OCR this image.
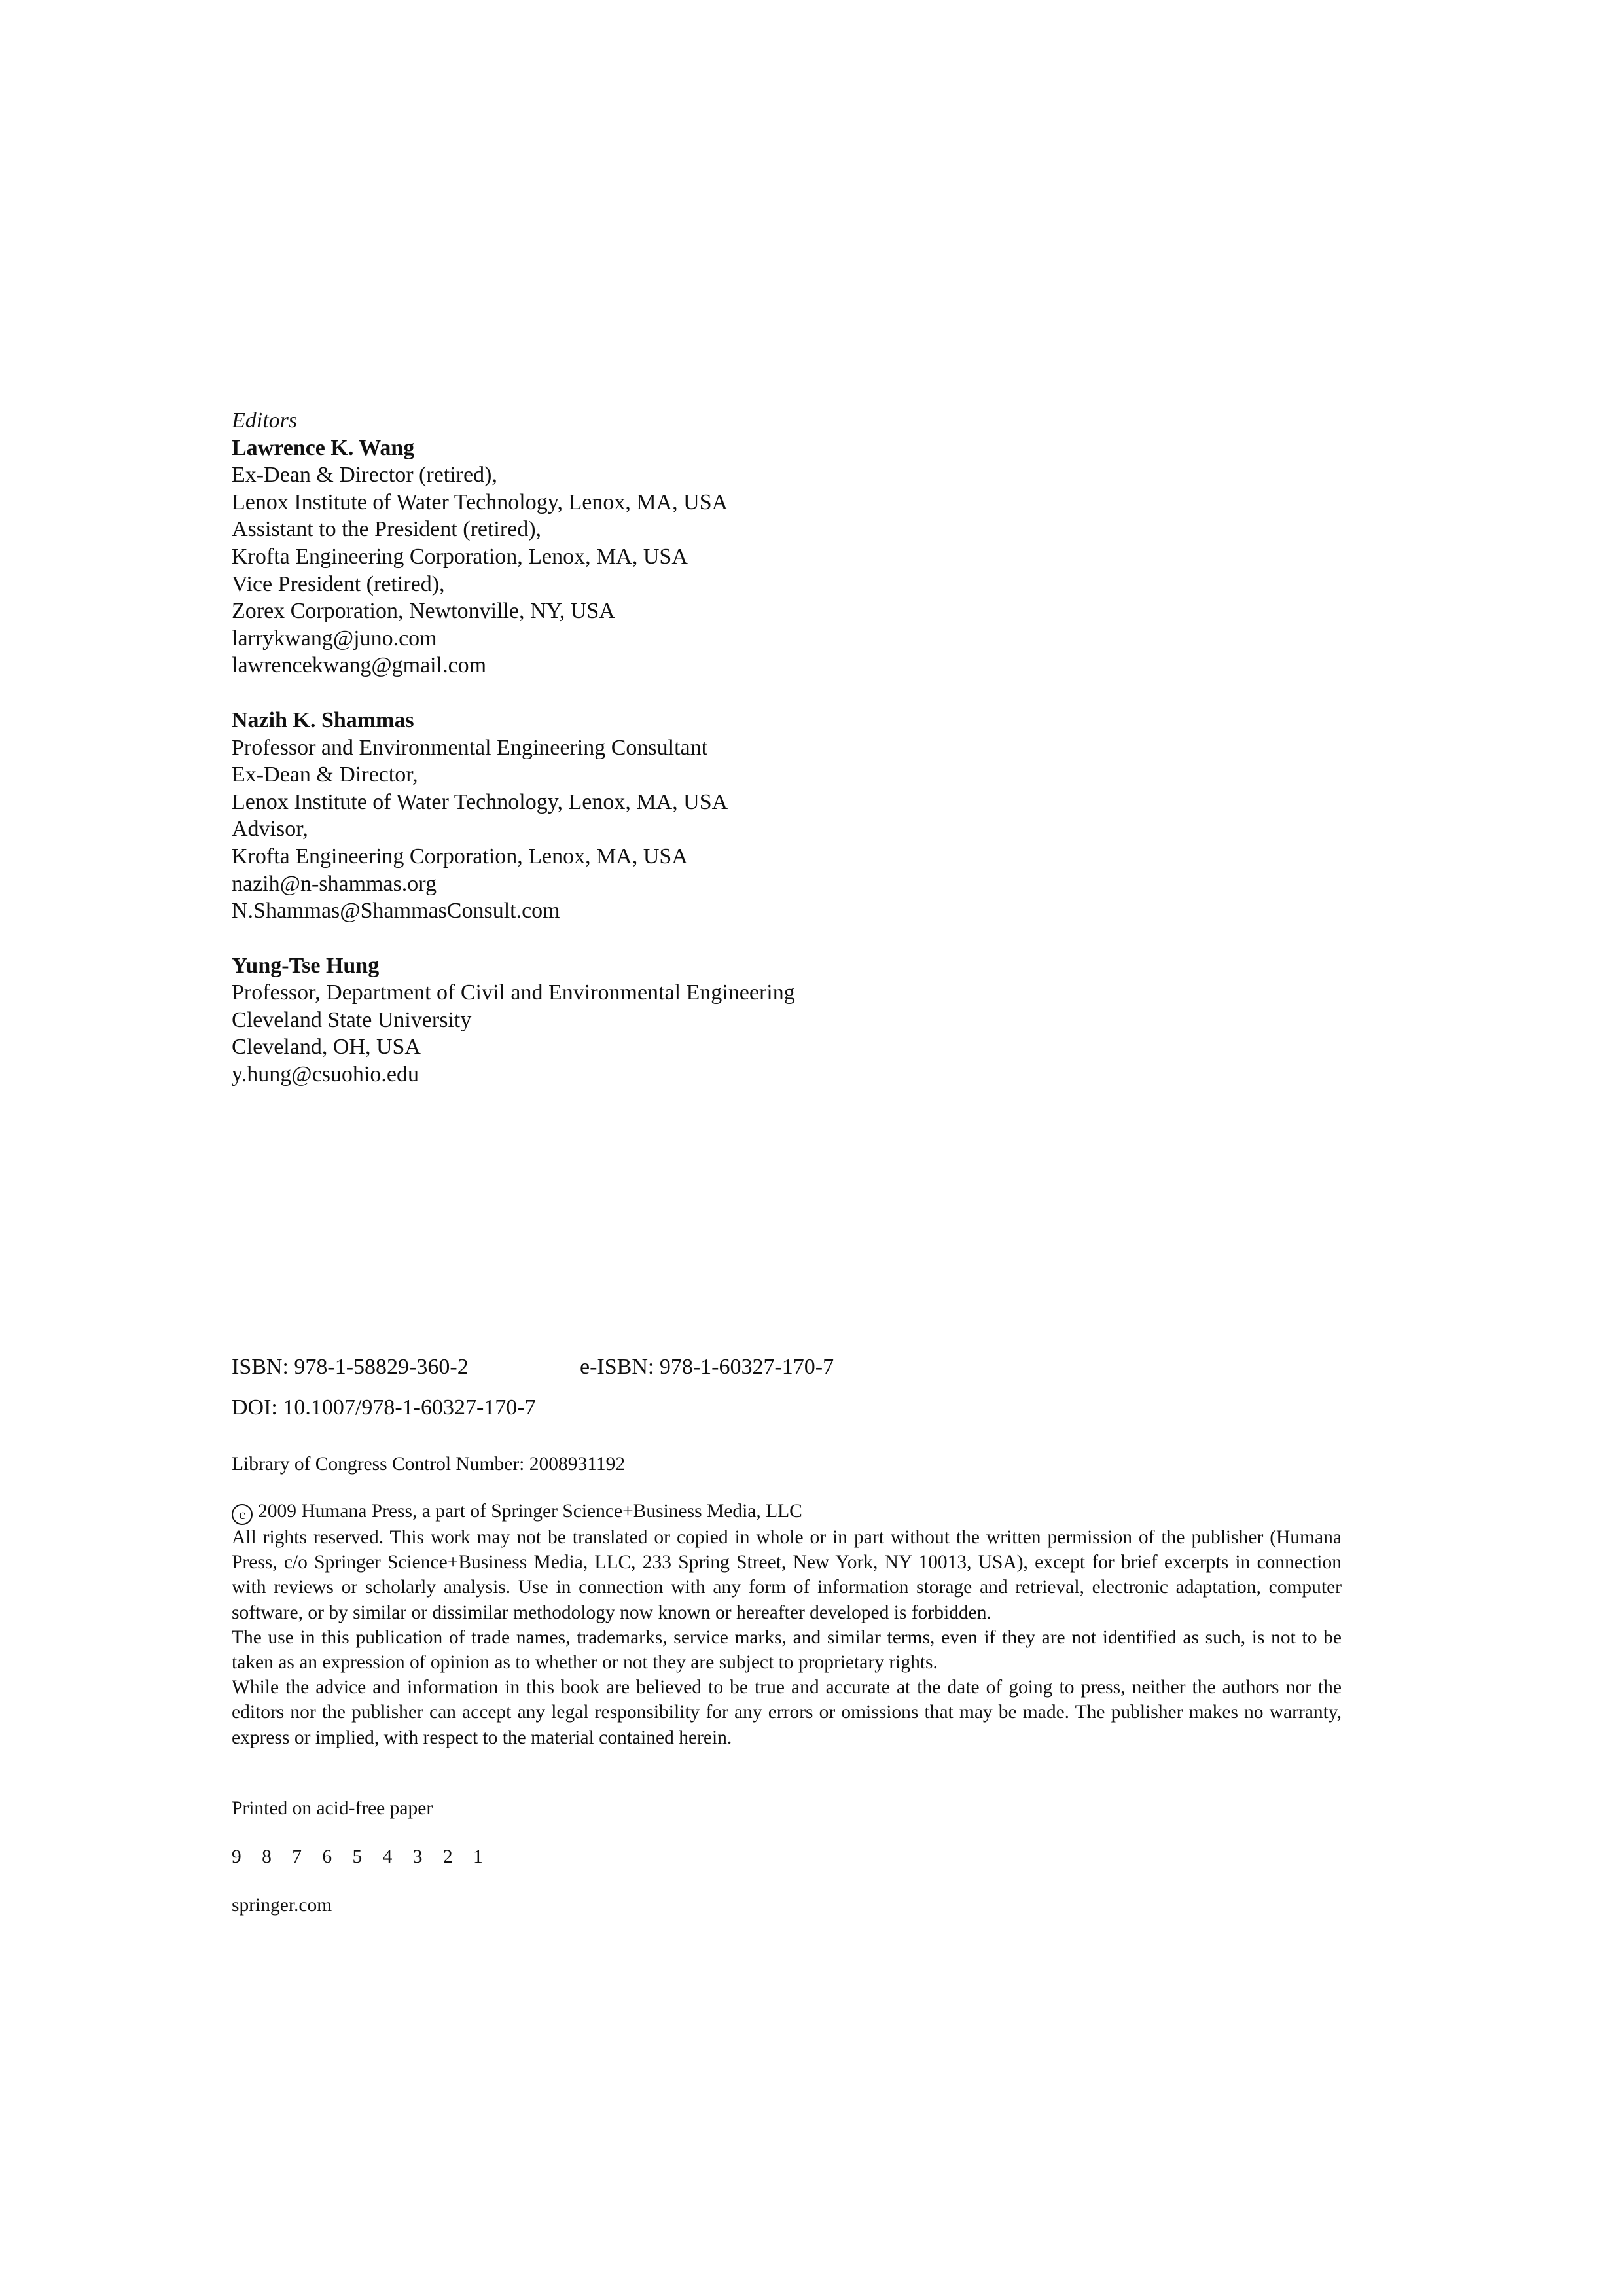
Editors
Lawrence K. Wang
Ex-Dean & Director (retired),
Lenox Institute of Water Technology, Lenox, MA, USA
Assistant to the President (retired),
Krofta Engineering Corporation, Lenox, MA, USA
Vice President (retired),
Zorex Corporation, Newtonville, NY, USA
larrykwang@juno.com
lawrencekwang@gmail.com
Nazih K. Shammas
Professor and Environmental Engineering Consultant
Ex-Dean & Director,
Lenox Institute of Water Technology, Lenox, MA, USA
Advisor,
Krofta Engineering Corporation, Lenox, MA, USA
nazih@n-shammas.org
N.Shammas@ShammasConsult.com
Yung-Tse Hung
Professor, Department of Civil and Environmental Engineering
Cleveland State University
Cleveland, OH, USA
y.hung@csuohio.edu
ISBN: 978-1-58829-360-2	e-ISBN: 978-1-60327-170-7
DOI: 10.1007/978-1-60327-170-7
Library of Congress Control Number: 2008931192

c 2009 Humana Press, a part of Springer Science+Business Media, LLC

All rights reserved. This work may not be translated or copied in whole or in part without the written permission of the publisher (Humana Press, c/o Springer Science+Business Media, LLC, 233 Spring Street, New York, NY 10013, USA), except for brief excerpts in connection with reviews or scholarly analysis. Use in connection with any form of information storage and retrieval, electronic adaptation, computer software, or by similar or dissimilar methodology now known or hereafter developed is forbidden.

The use in this publication of trade names, trademarks, service marks, and similar terms, even if they are not identified as such, is not to be taken as an expression of opinion as to whether or not they are subject to proprietary rights.

While the advice and information in this book are believed to be true and accurate at the date of going to press, neither the authors nor the editors nor the publisher can accept any legal responsibility for any errors or omissions that may be made. The publisher makes no warranty, express or implied, with respect to the material contained herein.

Printed on acid-free paper
9 8 7 6 5 4 3 2 1
springer.com
